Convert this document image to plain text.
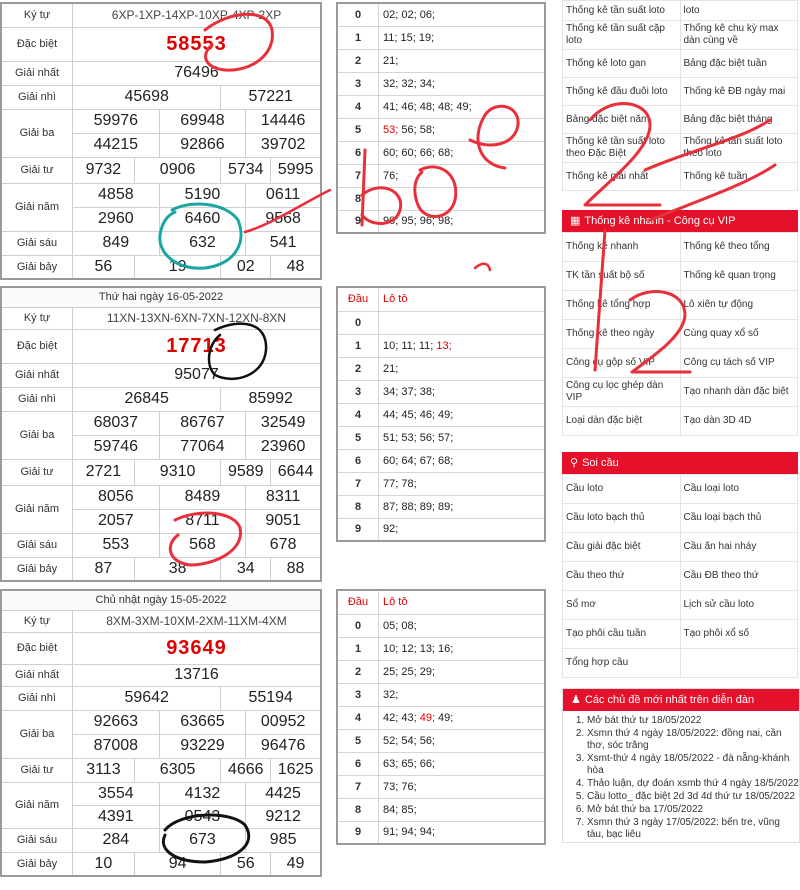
Ký tự	6XP-1XP-14XP-10XP-4XP-2XP					
Đặc biệt	58553					
Giải nhất	76496					
Giải nhì	45698			57221		
Giải ba	59976		69948		14446	
	44215		92866		39702	
Giải tư	9732	0906		5734		5995
Giải năm	4858		5190		0611	
	2960		6460		9568	
Giải sáu	849		632		541	
Giải bảy	56	19		02		48
Thứ hai ngày 16-05-2022						
Ký tự	11XN-13XN-6XN-7XN-12XN-8XN					
Đặc biệt	17713					
Giải nhất	95077					
Giải nhì	26845			85992		
Giải ba	68037		86767		32549	
	59746		77064		23960	
Giải tư	2721	9310		9589		6644
Giải năm	8056		8489		8311	
	2057		8711		9051	
Giải sáu	553		568		678	
Giải bảy	87	38		34		88
Chủ nhật ngày 15-05-2022						
Ký tự	8XM-3XM-10XM-2XM-11XM-4XM					
Đặc biệt	93649					
Giải nhất	13716					
Giải nhì	59642			55194		
Giải ba	92663		63665		00952	
	87008		93229		96476	
Giải tư	3113	6305		4666		1625
Giải năm	3554		4132		4425	
	4391		0543		9212	
Giải sáu	284		673		985	
Giải bảy	10	94		56		49
0	02; 02; 06;
1	11; 15; 19;
2	21;
3	32; 32; 34;
4	41; 46; 48; 48; 49;
5	53; 56; 58;
6	60; 60; 66; 68;
7	76;
8	
9	90; 95; 96; 98;
Đầu	Lô tô
0	
1	10; 11; 11; 13;
2	21;
3	34; 37; 38;
4	44; 45; 46; 49;
5	51; 53; 56; 57;
6	60; 64; 67; 68;
7	77; 78;
8	87; 88; 89; 89;
9	92;
Đầu	Lô tô
0	05; 08;
1	10; 12; 13; 16;
2	25; 25; 29;
3	32;
4	42; 43; 49; 49;
5	52; 54; 56;
6	63; 65; 66;
7	73; 76;
8	84; 85;
9	91; 94; 94;
Thống kê tần suất loto	loto
Thống kê tần suất cặp loto	Thống kê chu kỳ max dàn cùng về
Thống kê loto gan	Bảng đặc biệt tuần
Thống kê đầu đuôi loto	Thống kê ĐB ngày mai
Bảng đặc biệt năm	Bảng đặc biệt tháng
Thống kê tần suất loto theo Đặc Biệt	Thống kê tần suất loto theo loto
Thống kê giải nhất	Thống kê tuần
▦ Thống kê nhanh - Công cụ VIP
Thống kê nhanh	Thống kê theo tổng
TK tần suất bộ số	Thống kê quan trọng
Thống kê tổng hợp	Lô xiên tự động
Thống kê theo ngày	Cùng quay xổ số
Công cụ gộp số VIP	Công cụ tách số VIP
Công cụ lọc ghép dàn VIP	Tạo nhanh dàn đặc biệt
Loại dàn đặc biệt	Tạo dàn 3D 4D
⚲ Soi cầu
Cầu loto	Cầu loại loto
Cầu loto bạch thủ	Cầu loại bạch thủ
Cầu giải đặc biệt	Cầu ăn hai nháy
Cầu theo thứ	Cầu ĐB theo thứ
Sổ mơ	Lịch sử cầu loto
Tạo phôi cầu tuần	Tạo phôi xổ số
Tổng hợp cầu	
♟ Các chủ đề mới nhất trên diễn đàn
1. Mở bát thứ tư 18/05/2022
2. Xsmn thứ 4 ngày 18/05/2022: đồng nai, cần thơ, sóc trăng
3. Xsmt-thứ 4 ngày 18/05/2022 - đà nẵng-khánh hòa
4. Thảo luận, dự đoán xsmb thứ 4 ngày 18/5/2022
5. Cầu lotto_ đặc biệt 2d 3d 4d thứ tư 18/05/2022
6. Mở bát thứ ba 17/05/2022
7. Xsmn thứ 3 ngày 17/05/2022: bến tre, vũng tàu, bạc liêu
